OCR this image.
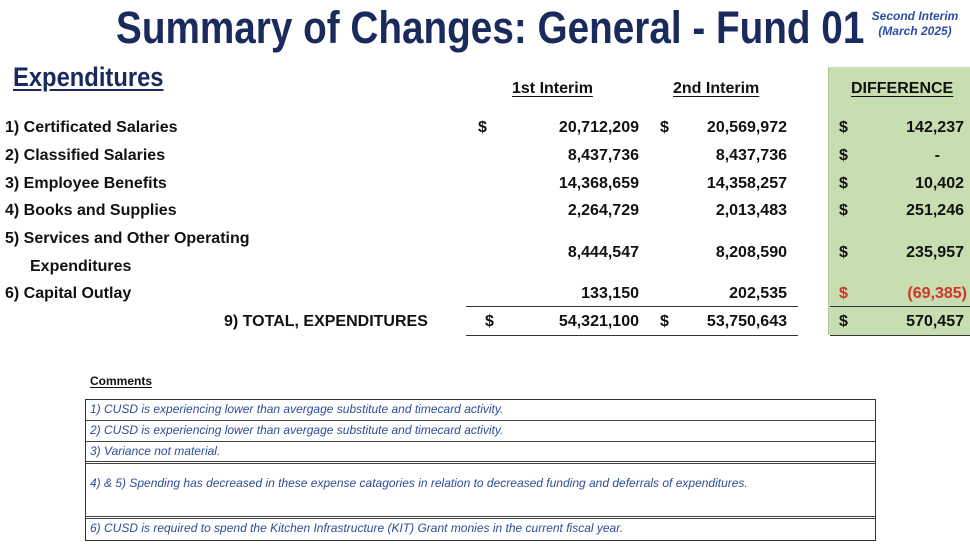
Summary of Changes: General - Fund 01 Second Interim
(March 2025)
Expenditures	1st Interim	2nd Interim	DIFFERENCE
1) Certificated Salaries	$	20,712,209 $ 20,569,972	$	142,237
2) Classified Salaries	8,437,736	8,437,736	$	-
3) Employee Benefits	14,368,659	14,358,257	$	10,402
4) Books and Supplies	2,264,729	2,013,483	$	251,246
5) Services and Other Operating
Expenditures
8,444,547	8,208,590	$	235,957
6) Capital Outlay	133,150	202,535	$	(69,385)
9) TOTAL, EXPENDITURES	$	54,321,100 $ 53,750,643	$	570,457
Comments
1) CUSD is experiencing lower than avergage substitute and timecard activity.
2) CUSD is experiencing lower than avergage substitute and timecard activity.
3) Variance not material.
4) & 5) Spending has decreased in these expense catagories in relation to decreased funding and deferrals of expenditures.
6) CUSD is required to spend the Kitchen Infrastructure (KIT) Grant monies in the current fiscal year.
